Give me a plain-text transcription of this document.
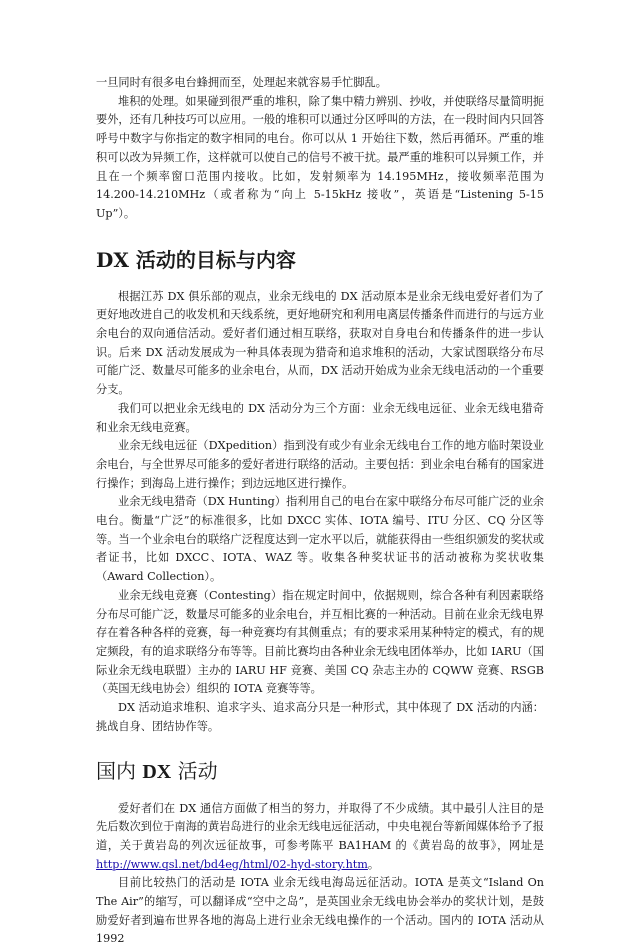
一旦同时有很多电台蜂拥而至，处理起来就容易手忙脚乱。

堆积的处理。如果碰到很严重的堆积，除了集中精力辨别、抄收，并使联络尽量简明扼要外，还有几种技巧可以应用。一般的堆积可以通过分区呼叫的方法，在一段时间内只回答呼号中数字与你指定的数字相同的电台。你可以从 1 开始往下数，然后再循环。严重的堆积可以改为异频工作，这样就可以使自己的信号不被干扰。最严重的堆积可以异频工作，并且在一个频率窗口范围内接收。比如，发射频率为 14.195MHz，接收频率范围为 14.200-14.210MHz（或者称为“向上 5-15kHz 接收”，英语是“Listening 5-15 Up”）。

DX 活动的目标与内容

根据江苏 DX 俱乐部的观点，业余无线电的 DX 活动原本是业余无线电爱好者们为了更好地改进自己的收发机和天线系统，更好地研究和利用电离层传播条件而进行的与远方业余电台的双向通信活动。爱好者们通过相互联络，获取对自身电台和传播条件的进一步认识。后来 DX 活动发展成为一种具体表现为猎奇和追求堆积的活动，大家试图联络分布尽可能广泛、数量尽可能多的业余电台，从而，DX 活动开始成为业余无线电活动的一个重要分支。

我们可以把业余无线电的 DX 活动分为三个方面：业余无线电远征、业余无线电猎奇和业余无线电竞赛。

业余无线电远征（DXpedition）指到没有或少有业余无线电台工作的地方临时架设业余电台，与全世界尽可能多的爱好者进行联络的活动。主要包括：到业余电台稀有的国家进行操作；到海岛上进行操作；到边远地区进行操作。

业余无线电猎奇（DX Hunting）指利用自己的电台在家中联络分布尽可能广泛的业余电台。衡量“广泛”的标准很多，比如 DXCC 实体、IOTA 编号、ITU 分区、CQ 分区等等。当一个业余电台的联络广泛程度达到一定水平以后，就能获得由一些组织颁发的奖状或者证书，比如 DXCC、IOTA、WAZ 等。收集各种奖状证书的活动被称为奖状收集（Award Collection）。

业余无线电竞赛（Contesting）指在规定时间中，依据规则，综合各种有利因素联络分布尽可能广泛，数量尽可能多的业余电台，并互相比赛的一种活动。目前在业余无线电界存在着各种各样的竞赛，每一种竞赛均有其侧重点；有的要求采用某种特定的模式，有的规定频段，有的追求联络分布等等。目前比赛均由各种业余无线电团体举办，比如 IARU（国际业余无线电联盟）主办的 IARU HF 竞赛、美国 CQ 杂志主办的 CQWW 竞赛、RSGB（英国无线电协会）组织的 IOTA 竞赛等等。

DX 活动追求堆积、追求字头、追求高分只是一种形式，其中体现了 DX 活动的内涵：挑战自身、团结协作等。

国内 DX 活动

爱好者们在 DX 通信方面做了相当的努力，并取得了不少成绩。其中最引人注目的是先后数次到位于南海的黄岩岛进行的业余无线电远征活动，中央电视台等新闻媒体给予了报道，关于黄岩岛的列次远征故事，可参考陈平 BA1HAM 的《黄岩岛的故事》，网址是http://www.qsl.net/bd4eg/html/02-hyd-story.htm。

目前比较热门的活动是 IOTA 业余无线电海岛远征活动。IOTA 是英文“Island On The Air”的缩写，可以翻译成“空中之岛”，是英国业余无线电协会举办的奖状计划，是鼓励爱好者到遍布世界各地的海岛上进行业余无线电操作的一个活动。国内的 IOTA 活动从 1992
